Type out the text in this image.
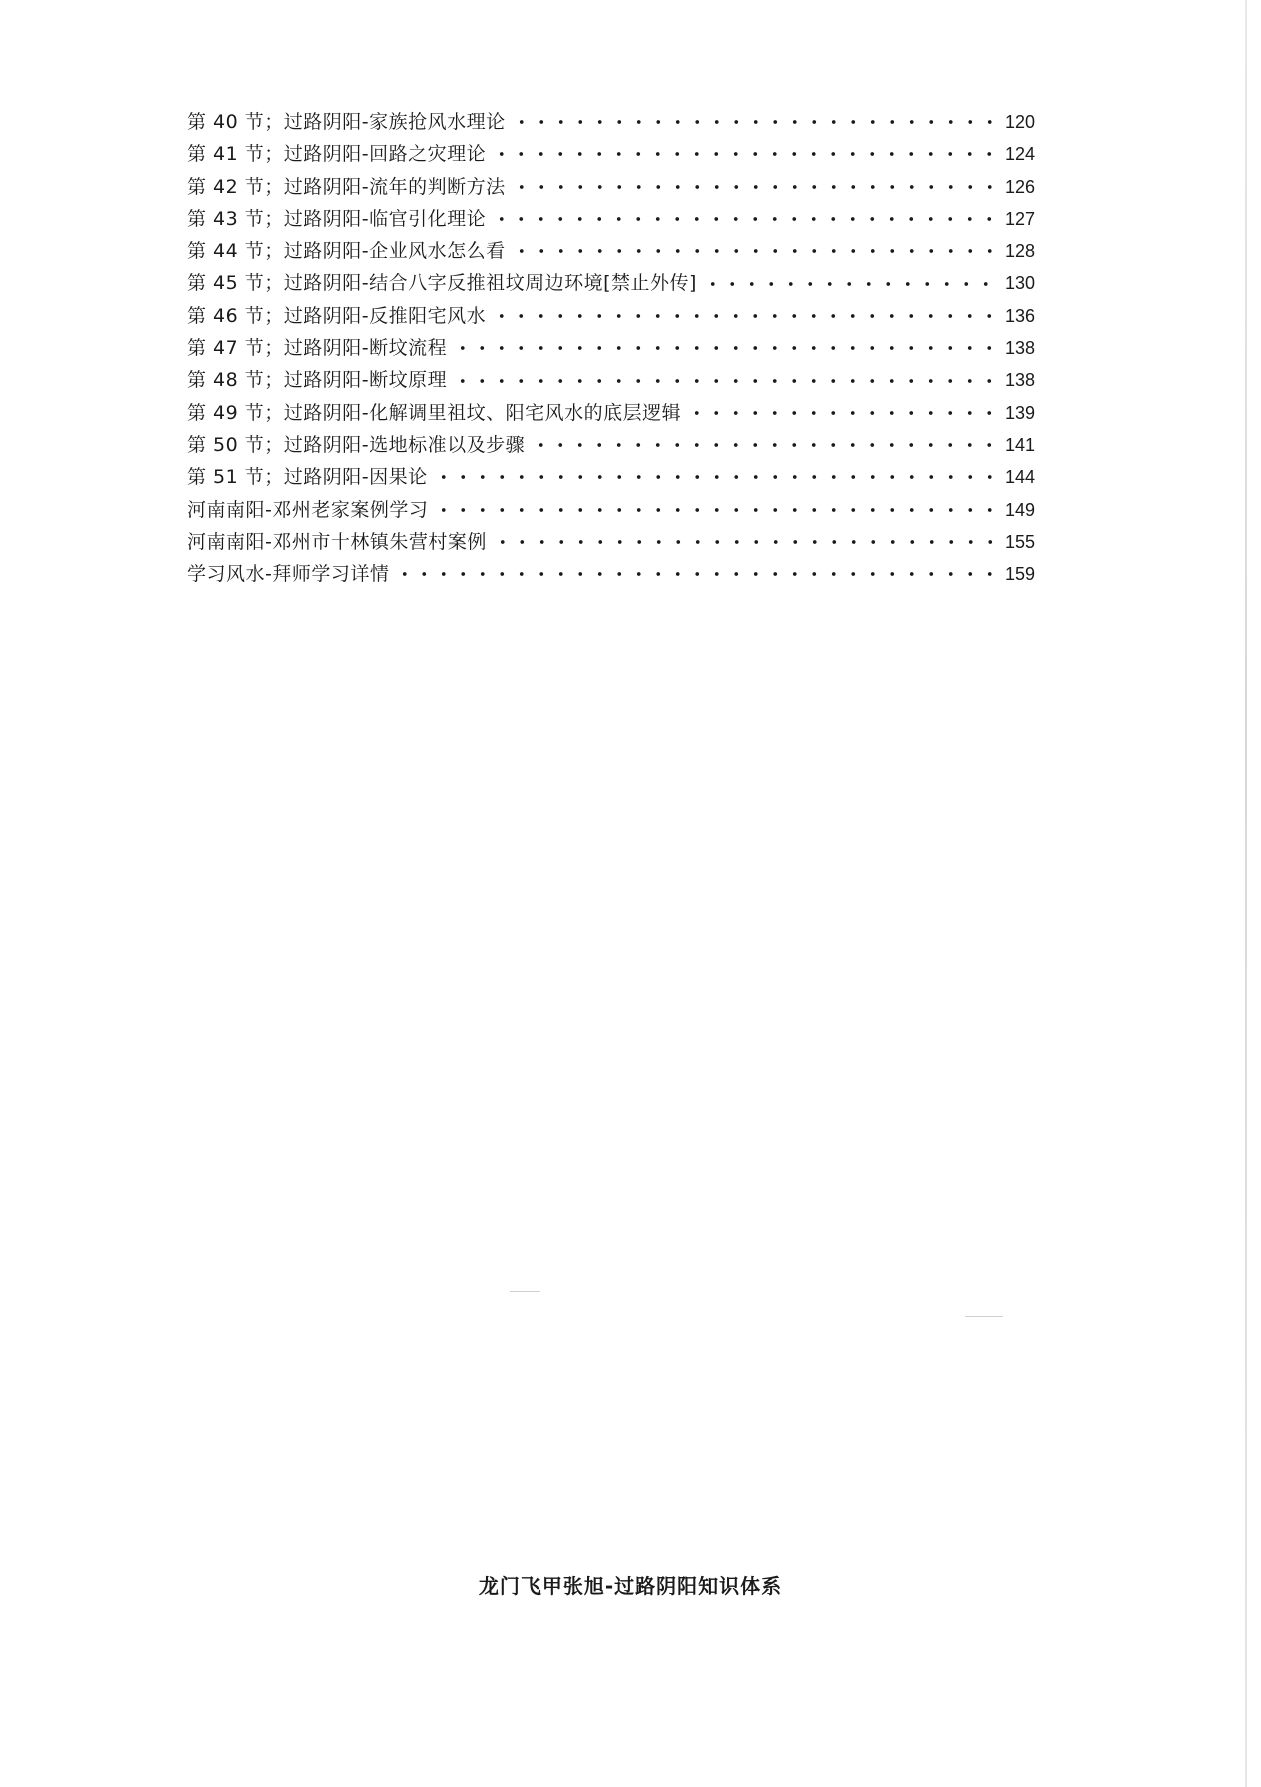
第 40 节；过路阴阳-家族抢风水理论	120
第 41 节；过路阴阳-回路之灾理论	124
第 42 节；过路阴阳-流年的判断方法	126
第 43 节；过路阴阳-临官引化理论	127
第 44 节；过路阴阳-企业风水怎么看	128
第 45 节；过路阴阳-结合八字反推祖坟周边环境[禁止外传]	130
第 46 节；过路阴阳-反推阳宅风水	136
第 47 节；过路阴阳-断坟流程	138
第 48 节；过路阴阳-断坟原理	138
第 49 节；过路阴阳-化解调里祖坟、阳宅风水的底层逻辑	139
第 50 节；过路阴阳-选地标准以及步骤	141
第 51 节；过路阴阳-因果论	144
河南南阳-邓州老家案例学习	149
河南南阳-邓州市十林镇朱营村案例	155
学习风水-拜师学习详情	159
龙门飞甲张旭-过路阴阳知识体系
